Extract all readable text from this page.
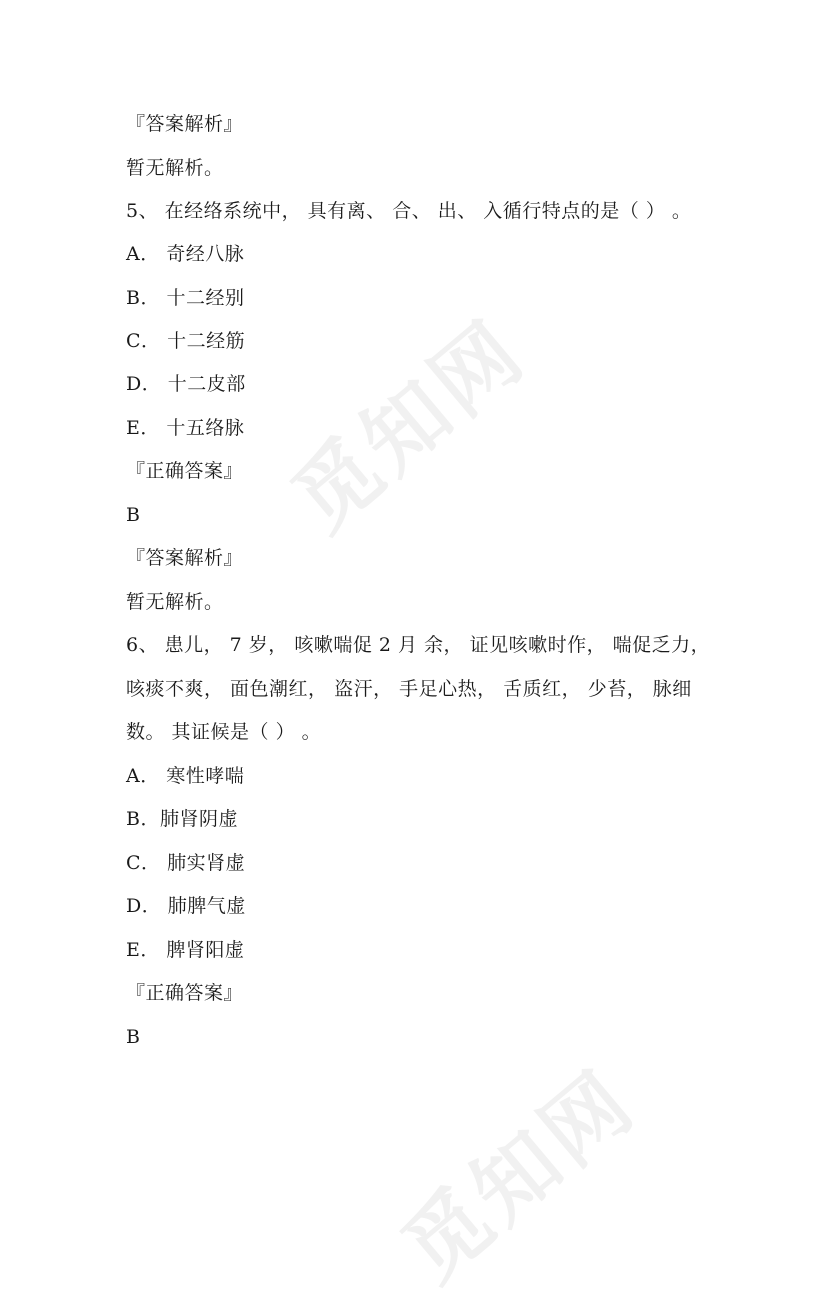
觅知网
觅知网
『答案解析』
暂无解析。
5、 在经络系统中， 具有离、 合、 出、 入循行特点的是（ ） 。
A． 奇经八脉
B． 十二经别
C． 十二经筋
D． 十二皮部
E． 十五络脉
『正确答案』
B
『答案解析』
暂无解析。
6、 患儿， 7 岁， 咳嗽喘促 2 月 余， 证见咳嗽时作， 喘促乏力，
咳痰不爽， 面色潮红， 盗汗， 手足心热， 舌质红， 少苔， 脉细
数。 其证候是（ ） 。
A． 寒性哮喘
B．肺肾阴虚
C． 肺实肾虚
D． 肺脾气虚
E． 脾肾阳虚
『正确答案』
B
